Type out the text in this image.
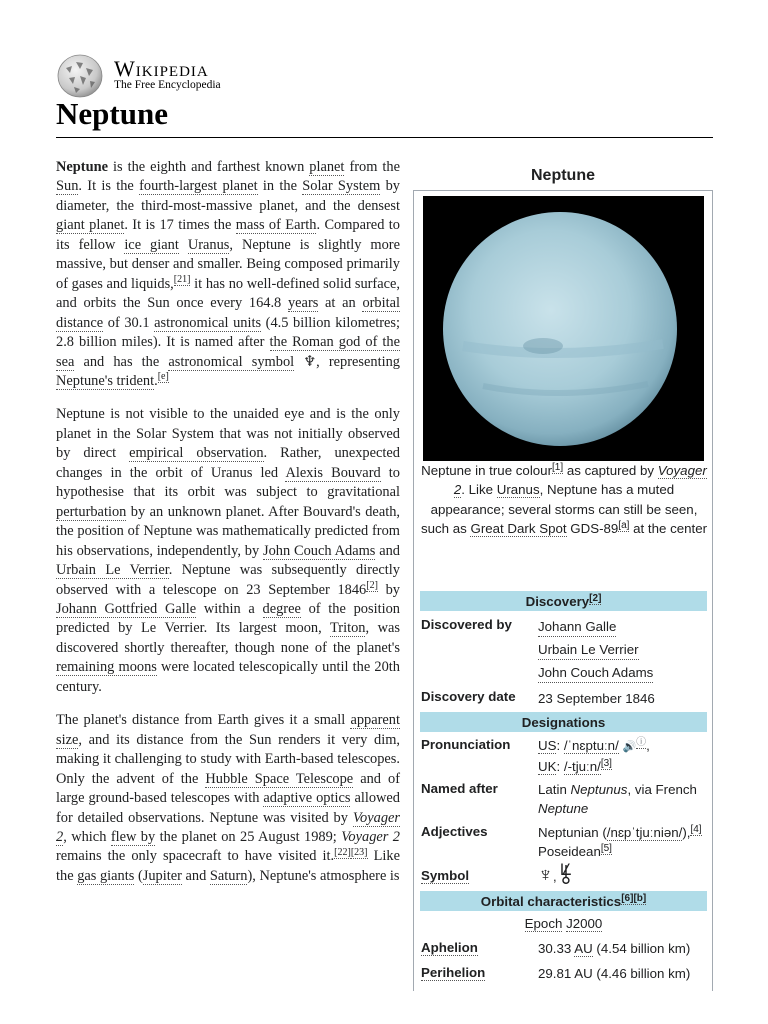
Wikipedia
The Free Encyclopedia
Neptune

Neptune is the eighth and farthest known planet from the Sun. It is the fourth-largest planet in the Solar System by diameter, the third-most-massive planet, and the densest giant planet. It is 17 times the mass of Earth. Compared to its fellow ice giant Uranus, Neptune is slightly more massive, but denser and smaller. Being composed primarily of gases and liquids,[21] it has no well-defined solid surface, and orbits the Sun once every 164.8 years at an orbital distance of 30.1 astronomical units (4.5 billion kilometres; 2.8 billion miles). It is named after the Roman god of the sea and has the astronomical symbol ♆, representing Neptune's trident.[e]

Neptune is not visible to the unaided eye and is the only planet in the Solar System that was not initially observed by direct empirical observation. Rather, unexpected changes in the orbit of Uranus led Alexis Bouvard to hypothesise that its orbit was subject to gravitational perturbation by an unknown planet. After Bouvard's death, the position of Neptune was mathematically predicted from his observations, independently, by John Couch Adams and Urbain Le Verrier. Neptune was subsequently directly observed with a telescope on 23 September 1846[2] by Johann Gottfried Galle within a degree of the position predicted by Le Verrier. Its largest moon, Triton, was discovered shortly thereafter, though none of the planet's remaining moons were located telescopically until the 20th century.

The planet's distance from Earth gives it a small apparent size, and its distance from the Sun renders it very dim, making it challenging to study with Earth-based telescopes. Only the advent of the Hubble Space Telescope and of large ground-based telescopes with adaptive optics allowed for detailed observations. Neptune was visited by Voyager 2, which flew by the planet on 25 August 1989; Voyager 2 remains the only spacecraft to have visited it.[22][23] Like the gas giants (Jupiter and Saturn), Neptune's atmosphere is

Neptune
Neptune in true colour[1] as captured by Voyager 2. Like Uranus, Neptune has a muted appearance; several storms can still be seen, such as Great Dark Spot GDS-89[a] at the center
Discovery[2]
Discovered by Johann Galle
Urbain Le Verrier
John Couch Adams
Discovery date 23 September 1846
Designations
Pronunciation US: /ˈnɛptuːn/ 🔊ⓘ,
UK: /-tjuːn/[3]
Named after	Latin Neptunus, via French Neptune
Adjectives	Neptunian (/nɛpˈtjuːniən/),[4]
Poseidean[5]
Symbol	♆, ⯉
Orbital characteristics[6][b]
Epoch J2000
Aphelion	30.33 AU (4.54 billion km)
Perihelion	29.81 AU (4.46 billion km)
